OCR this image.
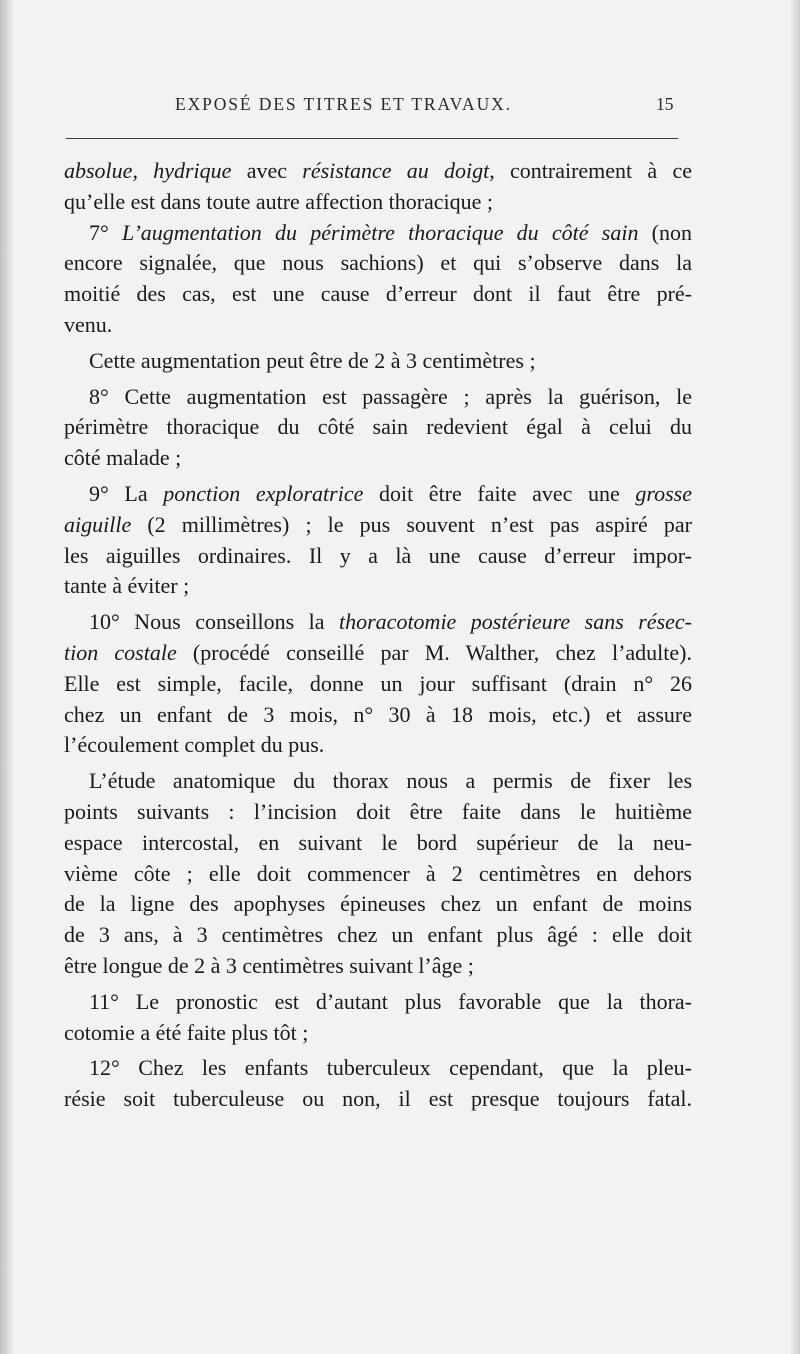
EXPOSÉ DES TITRES ET TRAVAUX.	15
absolue, hydrique avec résistance au doigt, contrairement à ce
qu’elle est dans toute autre affection thoracique ;
7° L’augmentation du périmètre thoracique du côté sain (non
encore signalée, que nous sachions) et qui s’observe dans la
moitié des cas, est une cause d’erreur dont il faut être pré-
venu.
Cette augmentation peut être de 2 à 3 centimètres ;
8° Cette augmentation est passagère ; après la guérison, le
périmètre thoracique du côté sain redevient égal à celui du
côté malade ;
9° La ponction exploratrice doit être faite avec une grosse
aiguille (2 millimètres) ; le pus souvent n’est pas aspiré par
les aiguilles ordinaires. Il y a là une cause d’erreur impor-
tante à éviter ;
10° Nous conseillons la thoracotomie postérieure sans résec-
tion costale (procédé conseillé par M. Walther, chez l’adulte).
Elle est simple, facile, donne un jour suffisant (drain n° 26
chez un enfant de 3 mois, n° 30 à 18 mois, etc.) et assure
l’écoulement complet du pus.
L’étude anatomique du thorax nous a permis de fixer les
points suivants : l’incision doit être faite dans le huitième
espace intercostal, en suivant le bord supérieur de la neu-
vième côte ; elle doit commencer à 2 centimètres en dehors
de la ligne des apophyses épineuses chez un enfant de moins
de 3 ans, à 3 centimètres chez un enfant plus âgé : elle doit
être longue de 2 à 3 centimètres suivant l’âge ;
11° Le pronostic est d’autant plus favorable que la thora-
cotomie a été faite plus tôt ;
12° Chez les enfants tuberculeux cependant, que la pleu-
résie soit tuberculeuse ou non, il est presque toujours fatal.
